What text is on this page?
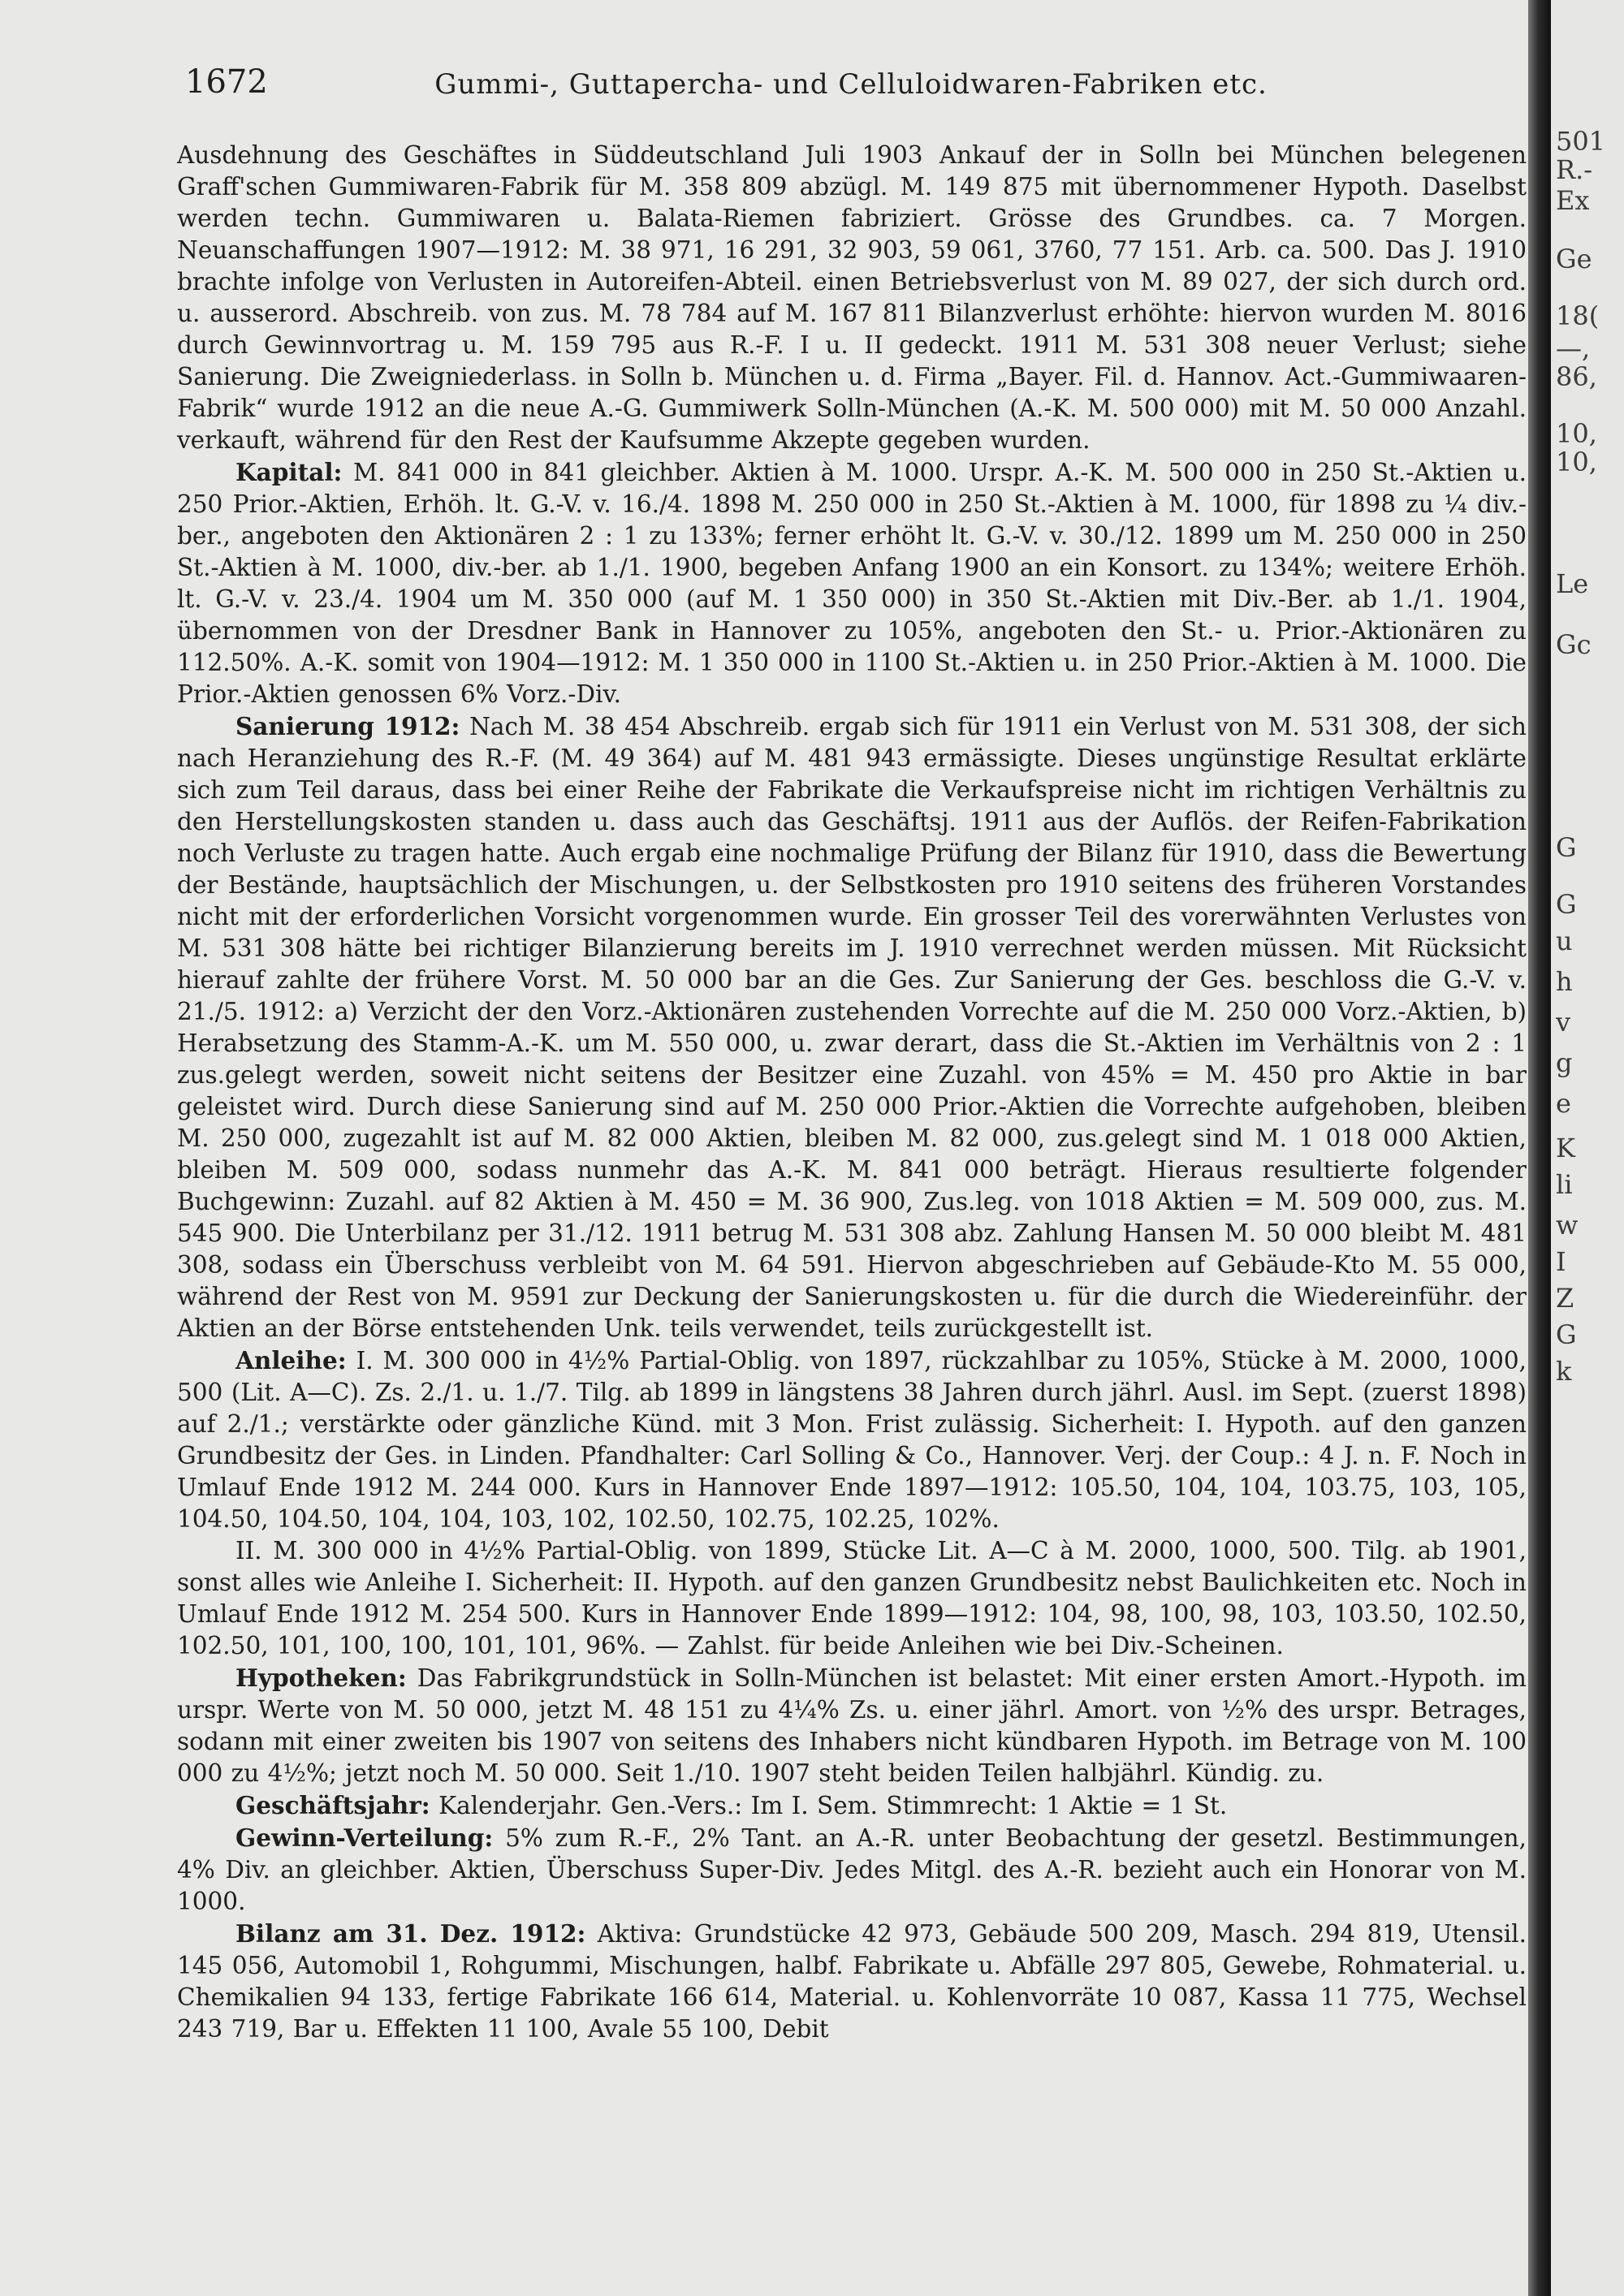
1672	Gummi-, Guttapercha- und Celluloidwaren-Fabriken etc.

Ausdehnung des Geschäftes in Süddeutschland Juli 1903 Ankauf der in Solln bei München belegenen Graff'schen Gummiwaren-Fabrik für M. 358 809 abzügl. M. 149 875 mit übernommener Hypoth. Daselbst werden techn. Gummiwaren u. Balata-Riemen fabriziert. Grösse des Grundbes. ca. 7 Morgen. Neuanschaffungen 1907—1912: M. 38 971, 16 291, 32 903, 59 061, 3760, 77 151. Arb. ca. 500. Das J. 1910 brachte infolge von Verlusten in Autoreifen-Abteil. einen Betriebsverlust von M. 89 027, der sich durch ord. u. ausserord. Abschreib. von zus. M. 78 784 auf M. 167 811 Bilanzverlust erhöhte: hiervon wurden M. 8016 durch Gewinnvortrag u. M. 159 795 aus R.-F. I u. II gedeckt. 1911 M. 531 308 neuer Verlust; siehe Sanierung. Die Zweigniederlass. in Solln b. München u. d. Firma „Bayer. Fil. d. Hannov. Act.-Gummiwaaren-Fabrik“ wurde 1912 an die neue A.-G. Gummiwerk Solln-München (A.-K. M. 500 000) mit M. 50 000 Anzahl. verkauft, während für den Rest der Kaufsumme Akzepte gegeben wurden.

Kapital: M. 841 000 in 841 gleichber. Aktien à M. 1000. Urspr. A.-K. M. 500 000 in 250 St.-Aktien u. 250 Prior.-Aktien, Erhöh. lt. G.-V. v. 16./4. 1898 M. 250 000 in 250 St.-Aktien à M. 1000, für 1898 zu ¼ div.-ber., angeboten den Aktionären 2 : 1 zu 133%; ferner erhöht lt. G.-V. v. 30./12. 1899 um M. 250 000 in 250 St.-Aktien à M. 1000, div.-ber. ab 1./1. 1900, begeben Anfang 1900 an ein Konsort. zu 134%; weitere Erhöh. lt. G.-V. v. 23./4. 1904 um M. 350 000 (auf M. 1 350 000) in 350 St.-Aktien mit Div.-Ber. ab 1./1. 1904, übernommen von der Dresdner Bank in Hannover zu 105%, angeboten den St.- u. Prior.-Aktionären zu 112.50%. A.-K. somit von 1904—1912: M. 1 350 000 in 1100 St.-Aktien u. in 250 Prior.-Aktien à M. 1000. Die Prior.-Aktien genossen 6% Vorz.-Div.

Sanierung 1912: Nach M. 38 454 Abschreib. ergab sich für 1911 ein Verlust von M. 531 308, der sich nach Heranziehung des R.-F. (M. 49 364) auf M. 481 943 ermässigte. Dieses ungünstige Resultat erklärte sich zum Teil daraus, dass bei einer Reihe der Fabrikate die Verkaufspreise nicht im richtigen Verhältnis zu den Herstellungskosten standen u. dass auch das Geschäftsj. 1911 aus der Auflös. der Reifen-Fabrikation noch Verluste zu tragen hatte. Auch ergab eine nochmalige Prüfung der Bilanz für 1910, dass die Bewertung der Bestände, hauptsächlich der Mischungen, u. der Selbstkosten pro 1910 seitens des früheren Vorstandes nicht mit der erforderlichen Vorsicht vorgenommen wurde. Ein grosser Teil des vorerwähnten Verlustes von M. 531 308 hätte bei richtiger Bilanzierung bereits im J. 1910 verrechnet werden müssen. Mit Rücksicht hierauf zahlte der frühere Vorst. M. 50 000 bar an die Ges. Zur Sanierung der Ges. beschloss die G.-V. v. 21./5. 1912: a) Verzicht der den Vorz.-Aktionären zustehenden Vorrechte auf die M. 250 000 Vorz.-Aktien, b) Herabsetzung des Stamm-A.-K. um M. 550 000, u. zwar derart, dass die St.-Aktien im Verhältnis von 2 : 1 zus.gelegt werden, soweit nicht seitens der Besitzer eine Zuzahl. von 45% = M. 450 pro Aktie in bar geleistet wird. Durch diese Sanierung sind auf M. 250 000 Prior.-Aktien die Vorrechte aufgehoben, bleiben M. 250 000, zugezahlt ist auf M. 82 000 Aktien, bleiben M. 82 000, zus.gelegt sind M. 1 018 000 Aktien, bleiben M. 509 000, sodass nunmehr das A.-K. M. 841 000 beträgt. Hieraus resultierte folgender Buchgewinn: Zuzahl. auf 82 Aktien à M. 450 = M. 36 900, Zus.leg. von 1018 Aktien = M. 509 000, zus. M. 545 900. Die Unterbilanz per 31./12. 1911 betrug M. 531 308 abz. Zahlung Hansen M. 50 000 bleibt M. 481 308, sodass ein Überschuss verbleibt von M. 64 591. Hiervon abgeschrieben auf Gebäude-Kto M. 55 000, während der Rest von M. 9591 zur Deckung der Sanierungskosten u. für die durch die Wiedereinführ. der Aktien an der Börse entstehenden Unk. teils verwendet, teils zurückgestellt ist.

Anleihe: I. M. 300 000 in 4½% Partial-Oblig. von 1897, rückzahlbar zu 105%, Stücke à M. 2000, 1000, 500 (Lit. A—C). Zs. 2./1. u. 1./7. Tilg. ab 1899 in längstens 38 Jahren durch jährl. Ausl. im Sept. (zuerst 1898) auf 2./1.; verstärkte oder gänzliche Künd. mit 3 Mon. Frist zulässig. Sicherheit: I. Hypoth. auf den ganzen Grundbesitz der Ges. in Linden. Pfandhalter: Carl Solling & Co., Hannover. Verj. der Coup.: 4 J. n. F. Noch in Umlauf Ende 1912 M. 244 000. Kurs in Hannover Ende 1897—1912: 105.50, 104, 104, 103.75, 103, 105, 104.50, 104.50, 104, 104, 103, 102, 102.50, 102.75, 102.25, 102%.

II. M. 300 000 in 4½% Partial-Oblig. von 1899, Stücke Lit. A—C à M. 2000, 1000, 500. Tilg. ab 1901, sonst alles wie Anleihe I. Sicherheit: II. Hypoth. auf den ganzen Grundbesitz nebst Baulichkeiten etc. Noch in Umlauf Ende 1912 M. 254 500. Kurs in Hannover Ende 1899—1912: 104, 98, 100, 98, 103, 103.50, 102.50, 102.50, 101, 100, 100, 101, 101, 96%. — Zahlst. für beide Anleihen wie bei Div.-Scheinen.

Hypotheken: Das Fabrikgrundstück in Solln-München ist belastet: Mit einer ersten Amort.-Hypoth. im urspr. Werte von M. 50 000, jetzt M. 48 151 zu 4¼% Zs. u. einer jährl. Amort. von ½% des urspr. Betrages, sodann mit einer zweiten bis 1907 von seitens des Inhabers nicht kündbaren Hypoth. im Betrage von M. 100 000 zu 4½%; jetzt noch M. 50 000. Seit 1./10. 1907 steht beiden Teilen halbjährl. Kündig. zu.

Geschäftsjahr: Kalenderjahr. Gen.-Vers.: Im I. Sem. Stimmrecht: 1 Aktie = 1 St.

Gewinn-Verteilung: 5% zum R.-F., 2% Tant. an A.-R. unter Beobachtung der gesetzl. Bestimmungen, 4% Div. an gleichber. Aktien, Überschuss Super-Div. Jedes Mitgl. des A.-R. bezieht auch ein Honorar von M. 1000.

Bilanz am 31. Dez. 1912: Aktiva: Grundstücke 42 973, Gebäude 500 209, Masch. 294 819, Utensil. 145 056, Automobil 1, Rohgummi, Mischungen, halbf. Fabrikate u. Abfälle 297 805, Gewebe, Rohmaterial. u. Chemikalien 94 133, fertige Fabrikate 166 614, Material. u. Kohlenvorräte 10 087, Kassa 11 775, Wechsel 243 719, Bar u. Effekten 11 100, Avale 55 100, Debit

501
R.-
Ex
Ge
18(
—,
86,
10,
10,
Le
Gc
G
G
u
h
v
g
e
K
li
w
I
Z
G
k
